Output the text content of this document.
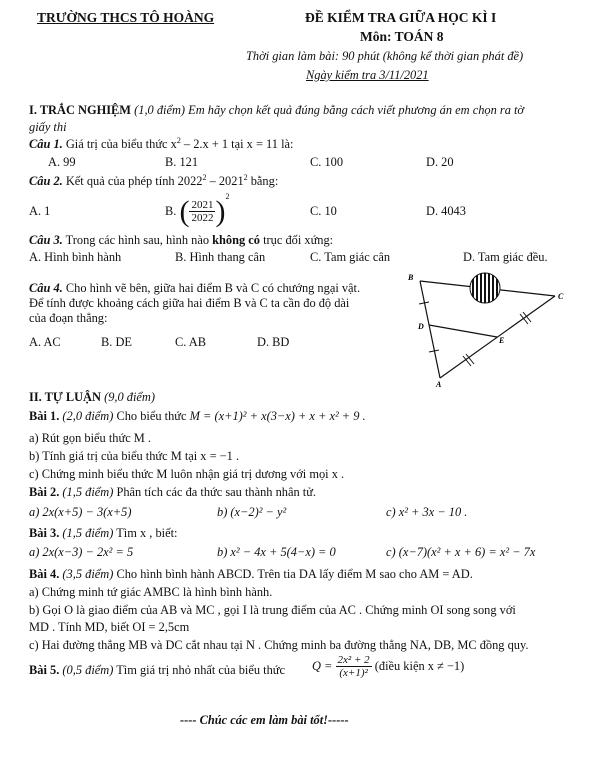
TRƯỜNG THCS TÔ HOÀNG	ĐỀ KIỂM TRA GIỮA HỌC KÌ I
Môn: TOÁN 8
Thời gian làm bài: 90 phút (không kể thời gian phát đề)
Ngày kiểm tra 3/11/2021
I. TRẮC NGHIỆM (1,0 điểm) Em hãy chọn kết quả đúng bằng cách viết phương án em chọn ra tờ
giấy thi
Câu 1. Giá trị của biểu thức $x^2 - 2.x + 1$ tại x = 11 là:
A. 99	B. 121	C. 100	D. 20
Câu 2. Kết quả của phép tính 2022$^2$ – 2021$^2$ bằng:
A. 1	B. ( $\frac{2021}{2022} )^2$
C. 10	D. 4043
Câu 3. Trong các hình sau, hình nào không có trục đối xứng:
A. Hình bình hành	B. Hình thang cân	C. Tam giác cân	D. Tam giác đều.
Câu 4. Cho hình vẽ bên, giữa hai điểm B và C có chướng ngại vật.
Để tính được khoảng cách giữa hai điểm B và C ta cần đo độ dài
của đoạn thẳng:
A. AC	B. DE	C. AB	D. BD
B
C
D
E
A
II. TỰ LUẬN (9,0 điểm)
Bài 1. (2,0 điểm) Cho biểu thức M = (x+1)² + x(3−x) + x + x² + 9 .
a) Rút gọn biểu thức M .
b) Tính giá trị của biểu thức M tại x = −1 .
c) Chứng minh biểu thức M luôn nhận giá trị dương với mọi x .
Bài 2. (1,5 điểm) Phân tích các đa thức sau thành nhân tử.
a) 2x(x+5) − 3(x+5)	b) (x−2)² − y²	c) x² + 3x − 10 .
Bài 3. (1,5 điểm) Tìm x , biết:
a) 2x(x−3) − 2x² = 5	b) x² − 4x + 5(4−x) = 0	c) (x−7)(x² + x + 6) = x² − 7x
Bài 4. (3,5 điểm) Cho hình bình hành ABCD. Trên tia DA lấy điểm M sao cho AM = AD.
a) Chứng minh tứ giác AMBC là hình bình hành.
b) Gọi O là giao điểm của AB và MC , gọi I là trung điểm của AC . Chứng minh OI song song với
MD . Tính MD, biết OI = 2,5cm
c) Hai đường thẳng MB và DC cắt nhau tại N . Chứng minh ba đường thẳng NA, DB, MC đồng quy.
Bài 5. (0,5 điểm) Tìm giá trị nhỏ nhất của biểu thức $Q = \frac{\text{2x² + 2}}{\text{(x+1)²}}$ (điều kiện x ≠ −1)
---- Chúc các em làm bài tốt!-----
